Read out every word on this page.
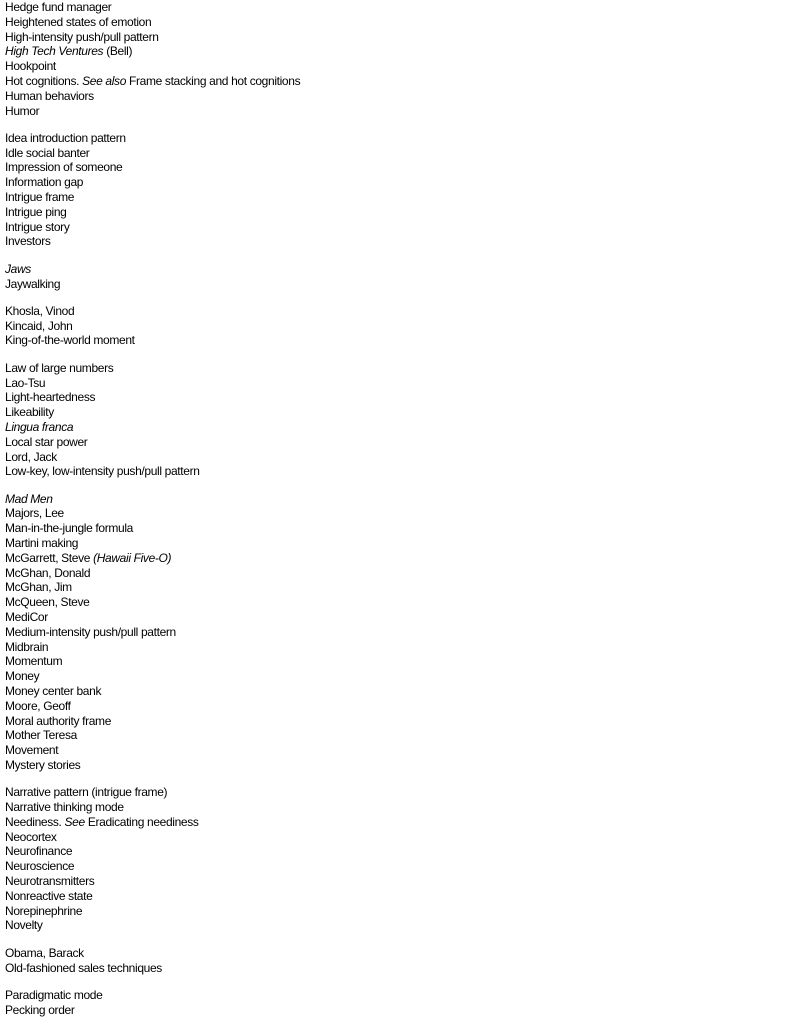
Hedge fund manager
Heightened states of emotion
High-intensity push/pull pattern
High Tech Ventures (Bell)
Hookpoint
Hot cognitions. See also Frame stacking and hot cognitions
Human behaviors
Humor
Idea introduction pattern
Idle social banter
Impression of someone
Information gap
Intrigue frame
Intrigue ping
Intrigue story
Investors
Jaws
Jaywalking
Khosla, Vinod
Kincaid, John
King-of-the-world moment
Law of large numbers
Lao-Tsu
Light-heartedness
Likeability
Lingua franca
Local star power
Lord, Jack
Low-key, low-intensity push/pull pattern
Mad Men
Majors, Lee
Man-in-the-jungle formula
Martini making
McGarrett, Steve (Hawaii Five-O)
McGhan, Donald
McGhan, Jim
McQueen, Steve
MediCor
Medium-intensity push/pull pattern
Midbrain
Momentum
Money
Money center bank
Moore, Geoff
Moral authority frame
Mother Teresa
Movement
Mystery stories
Narrative pattern (intrigue frame)
Narrative thinking mode
Neediness. See Eradicating neediness
Neocortex
Neurofinance
Neuroscience
Neurotransmitters
Nonreactive state
Norepinephrine
Novelty
Obama, Barack
Old-fashioned sales techniques
Paradigmatic mode
Pecking order
